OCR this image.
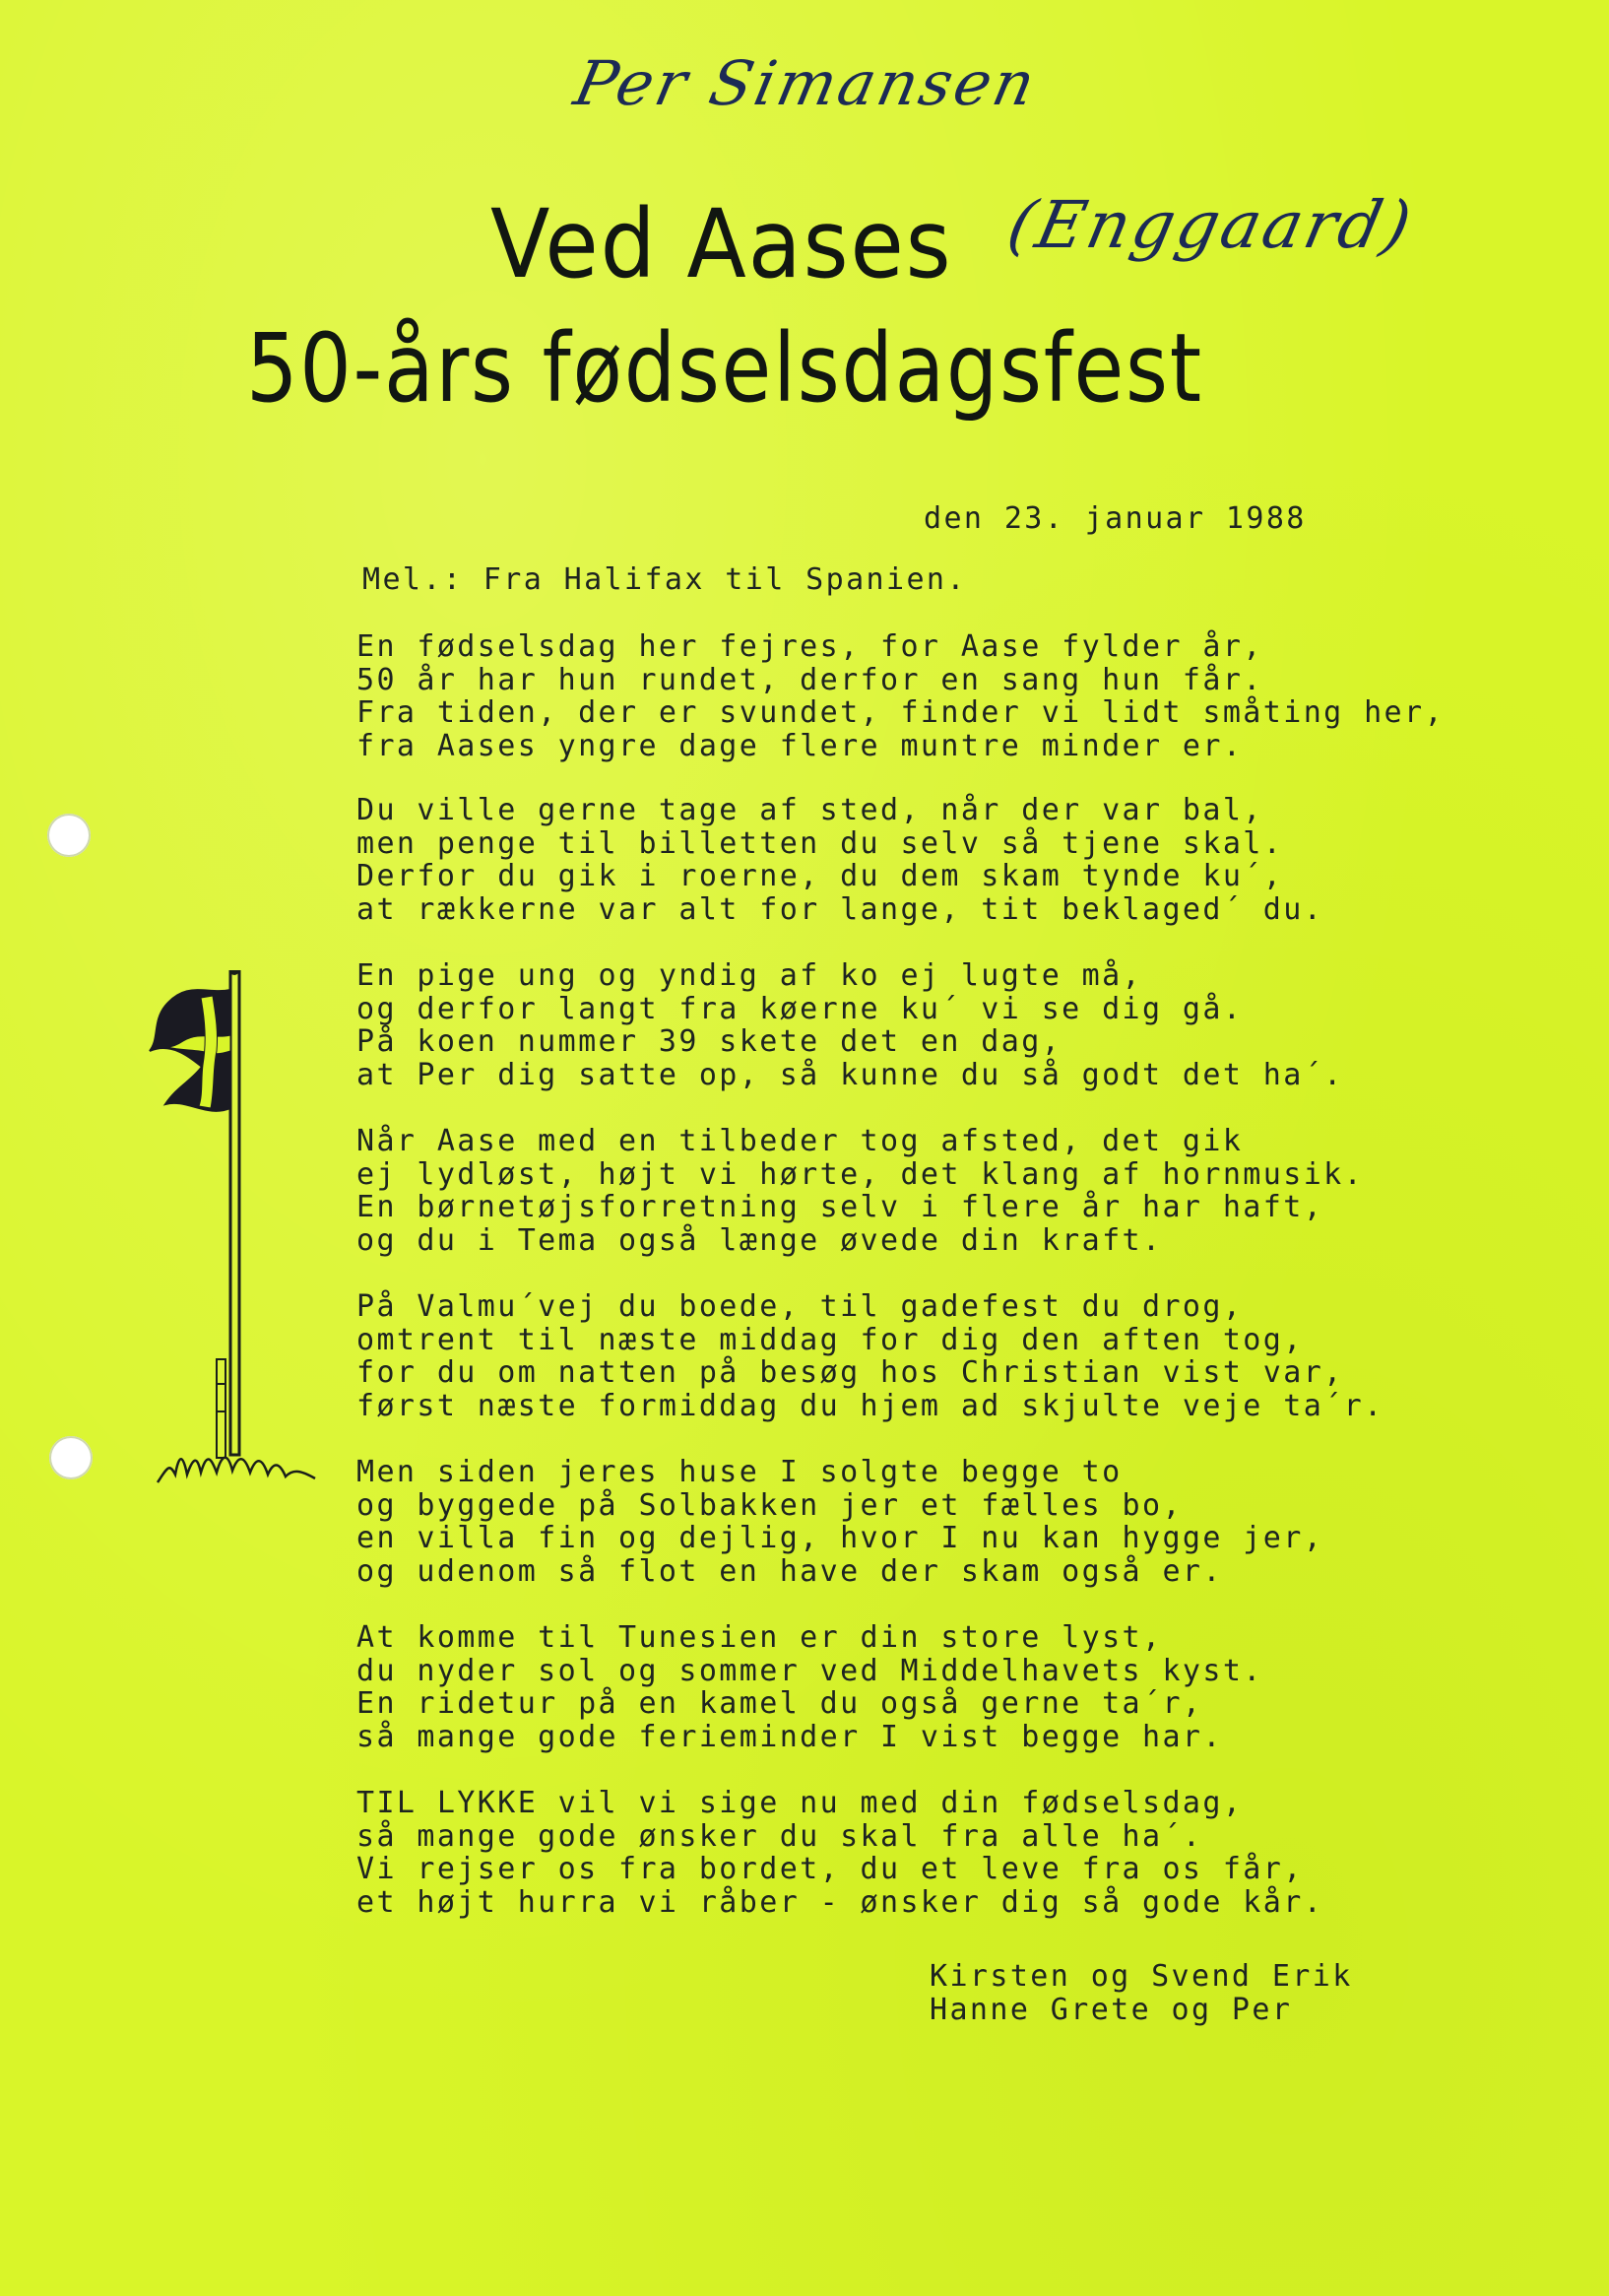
Per Simansen
Ved Aases (Enggaard)
50-års fødselsdagsfest
den 23. januar 1988
Mel.: Fra Halifax til Spanien.
En fødselsdag her fejres, for Aase fylder år,
50 år har hun rundet, derfor en sang hun får.
Fra tiden, der er svundet, finder vi lidt småting her,
fra Aases yngre dage flere muntre minder er.
Du ville gerne tage af sted, når der var bal,
men penge til billetten du selv så tjene skal.
Derfor du gik i roerne, du dem skam tynde ku´,
at rækkerne var alt for lange, tit beklaged´ du.
En pige ung og yndig af ko ej lugte må,
og derfor langt fra køerne ku´ vi se dig gå.
På koen nummer 39 skete det en dag,
at Per dig satte op, så kunne du så godt det ha´.
Når Aase med en tilbeder tog afsted, det gik
ej lydløst, højt vi hørte, det klang af hornmusik.
En børnetøjsforretning selv i flere år har haft,
og du i Tema også længe øvede din kraft.
På Valmu´vej du boede, til gadefest du drog,
omtrent til næste middag for dig den aften tog,
for du om natten på besøg hos Christian vist var,
først næste formiddag du hjem ad skjulte veje ta´r.
Men siden jeres huse I solgte begge to
og byggede på Solbakken jer et fælles bo,
en villa fin og dejlig, hvor I nu kan hygge jer,
og udenom så flot en have der skam også er.
At komme til Tunesien er din store lyst,
du nyder sol og sommer ved Middelhavets kyst.
En ridetur på en kamel du også gerne ta´r,
så mange gode ferieminder I vist begge har.
TIL LYKKE vil vi sige nu med din fødselsdag,
så mange gode ønsker du skal fra alle ha´.
Vi rejser os fra bordet, du et leve fra os får,
et højt hurra vi råber - ønsker dig så gode kår.
Kirsten og Svend Erik
Hanne Grete og Per
